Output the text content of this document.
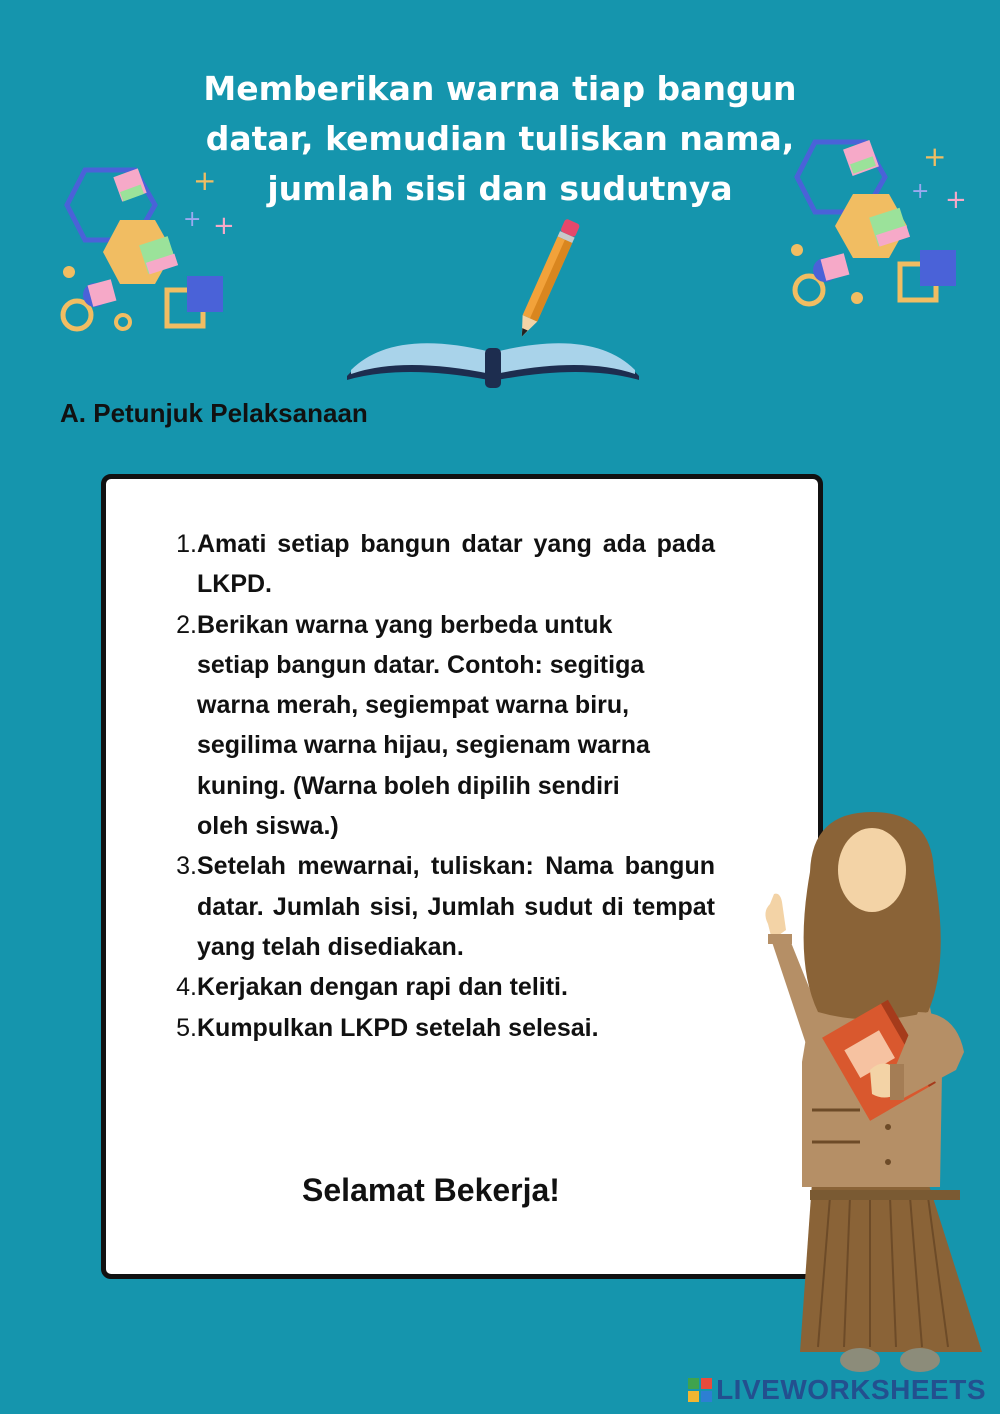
Memberikan warna tiap bangun
datar, kemudian tuliskan nama,
jumlah sisi dan sudutnya
+
+ +
+
+ +
A. Petunjuk Pelaksanaan
1. Amati setiap bangun datar yang ada pada LKPD.
2. Berikan warna yang berbeda untuk setiap bangun datar. Contoh: segitiga warna merah, segiempat warna biru, segilima warna hijau, segienam warna kuning. (Warna boleh dipilih sendiri oleh siswa.)
3. Setelah mewarnai, tuliskan: Nama bangun datar. Jumlah sisi, Jumlah sudut di tempat yang telah disediakan.
4. Kerjakan dengan rapi dan teliti.
5. Kumpulkan LKPD setelah selesai.
Selamat Bekerja!
LIVEWORKSHEETS
